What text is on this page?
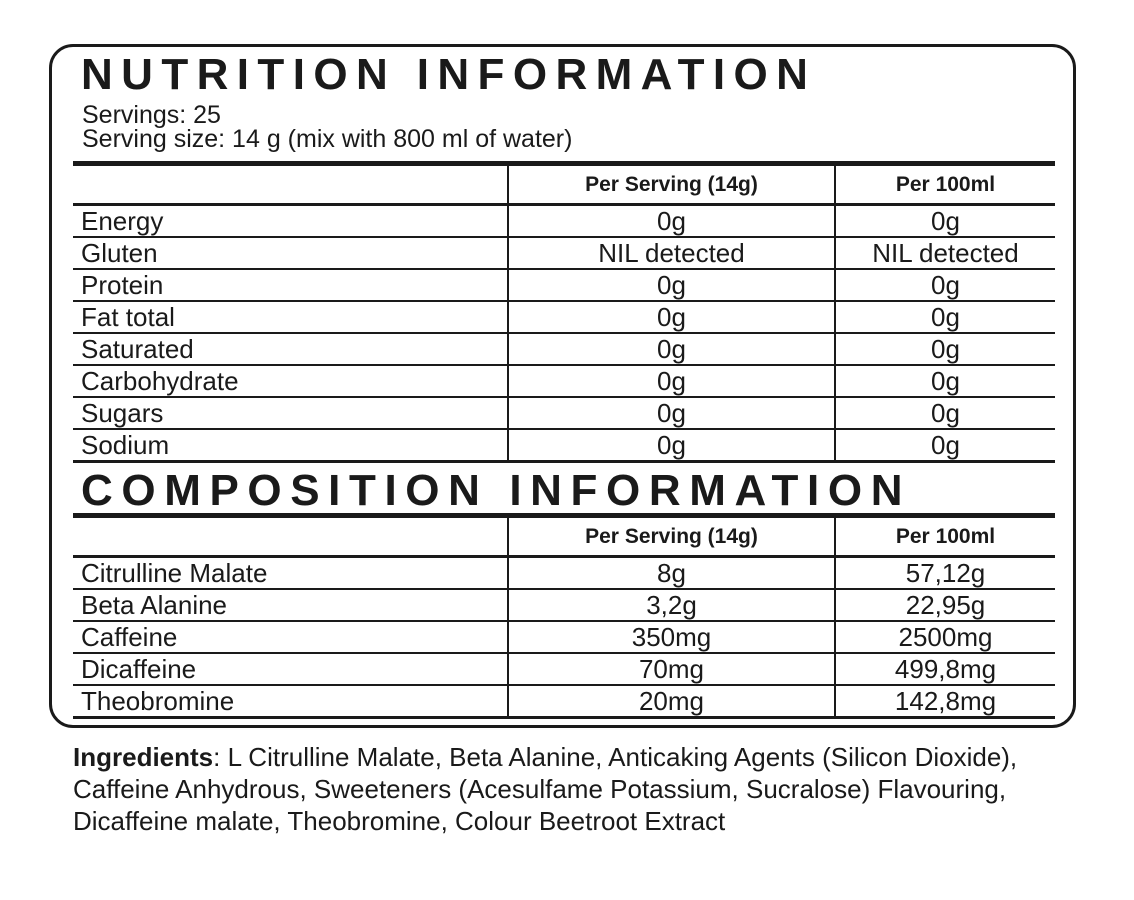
NUTRITION INFORMATION
Servings: 25
Serving size: 14 g (mix with 800 ml of water)
	Per Serving (14g)	Per 100ml
Energy	0g	0g
Gluten	NIL detected	NIL detected
Protein	0g	0g
Fat total	0g	0g
Saturated	0g	0g
Carbohydrate	0g	0g
Sugars	0g	0g
Sodium	0g	0g
COMPOSITION INFORMATION
	Per Serving (14g)	Per 100ml
Citrulline Malate	8g	57,12g
Beta Alanine	3,2g	22,95g
Caffeine	350mg	2500mg
Dicaffeine	70mg	499,8mg
Theobromine	20mg	142,8mg

Ingredients: L Citrulline Malate, Beta Alanine, Anticaking Agents (Silicon Dioxide), Caffeine Anhydrous, Sweeteners (Acesulfame Potassium, Sucralose) Flavouring, Dicaffeine malate, Theobromine, Colour Beetroot Extract
